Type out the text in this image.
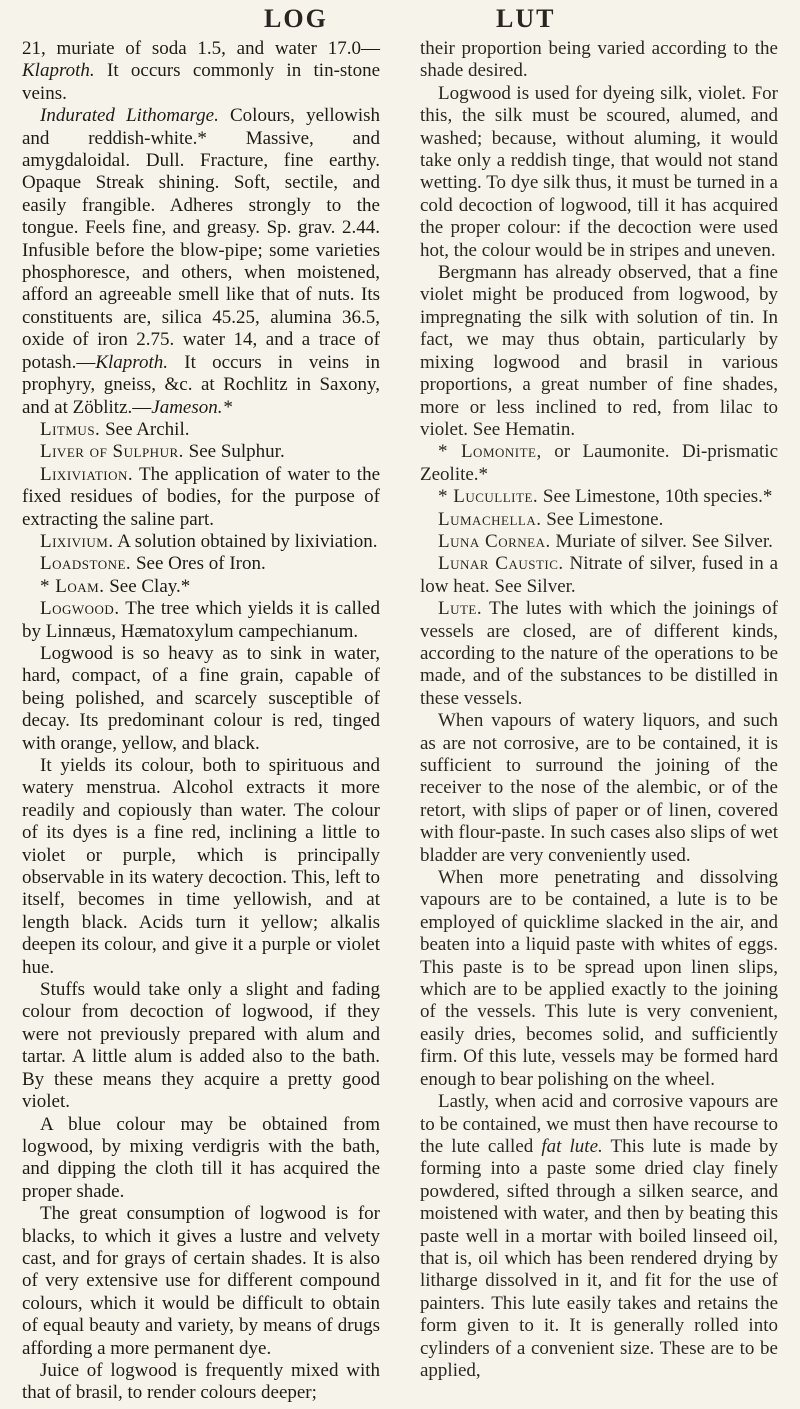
LOG	LUT

21, muriate of soda 1.5, and water 17.0—Klaproth. It occurs commonly in tin-stone veins.

Indurated Lithomarge. Colours, yellowish and reddish-white.* Massive, and amygdaloidal. Dull. Fracture, fine earthy. Opaque Streak shining. Soft, sectile, and easily frangible. Adheres strongly to the tongue. Feels fine, and greasy. Sp. grav. 2.44. Infusible before the blow-pipe; some varieties phosphoresce, and others, when moistened, afford an agreeable smell like that of nuts. Its constituents are, silica 45.25, alumina 36.5, oxide of iron 2.75. water 14, and a trace of potash.—Klaproth. It occurs in veins in prophyry, gneiss, &c. at Rochlitz in Saxony, and at Zöblitz.—Jameson.*

Litmus. See Archil.

Liver of Sulphur. See Sulphur.

Lixiviation. The application of water to the fixed residues of bodies, for the purpose of extracting the saline part.

Lixivium. A solution obtained by lixiviation.

Loadstone. See Ores of Iron.

* Loam. See Clay.*

Logwood. The tree which yields it is called by Linnæus, Hæmatoxylum campechianum.

Logwood is so heavy as to sink in water, hard, compact, of a fine grain, capable of being polished, and scarcely susceptible of decay. Its predominant colour is red, tinged with orange, yellow, and black.

It yields its colour, both to spirituous and watery menstrua. Alcohol extracts it more readily and copiously than water. The colour of its dyes is a fine red, inclining a little to violet or purple, which is principally observable in its watery decoction. This, left to itself, becomes in time yellowish, and at length black. Acids turn it yellow; alkalis deepen its colour, and give it a purple or violet hue.

Stuffs would take only a slight and fading colour from decoction of logwood, if they were not previously prepared with alum and tartar. A little alum is added also to the bath. By these means they acquire a pretty good violet.

A blue colour may be obtained from logwood, by mixing verdigris with the bath, and dipping the cloth till it has acquired the proper shade.

The great consumption of logwood is for blacks, to which it gives a lustre and velvety cast, and for grays of certain shades. It is also of very extensive use for different compound colours, which it would be difficult to obtain of equal beauty and variety, by means of drugs affording a more permanent dye.

Juice of logwood is frequently mixed with that of brasil, to render colours deeper;

their proportion being varied according to the shade desired.

Logwood is used for dyeing silk, violet. For this, the silk must be scoured, alumed, and washed; because, without aluming, it would take only a reddish tinge, that would not stand wetting. To dye silk thus, it must be turned in a cold decoction of logwood, till it has acquired the proper colour: if the decoction were used hot, the colour would be in stripes and uneven.

Bergmann has already observed, that a fine violet might be produced from logwood, by impregnating the silk with solution of tin. In fact, we may thus obtain, particularly by mixing logwood and brasil in various proportions, a great number of fine shades, more or less inclined to red, from lilac to violet. See Hematin.

* Lomonite, or Laumonite. Di-prismatic Zeolite.*

* Lucullite. See Limestone, 10th species.*

Lumachella. See Limestone.

Luna Cornea. Muriate of silver. See Silver.

Lunar Caustic. Nitrate of silver, fused in a low heat. See Silver.

Lute. The lutes with which the joinings of vessels are closed, are of different kinds, according to the nature of the operations to be made, and of the substances to be distilled in these vessels.

When vapours of watery liquors, and such as are not corrosive, are to be contained, it is sufficient to surround the joining of the receiver to the nose of the alembic, or of the retort, with slips of paper or of linen, covered with flour-paste. In such cases also slips of wet bladder are very conveniently used.

When more penetrating and dissolving vapours are to be contained, a lute is to be employed of quicklime slacked in the air, and beaten into a liquid paste with whites of eggs. This paste is to be spread upon linen slips, which are to be applied exactly to the joining of the vessels. This lute is very convenient, easily dries, becomes solid, and sufficiently firm. Of this lute, vessels may be formed hard enough to bear polishing on the wheel.

Lastly, when acid and corrosive vapours are to be contained, we must then have recourse to the lute called fat lute. This lute is made by forming into a paste some dried clay finely powdered, sifted through a silken searce, and moistened with water, and then by beating this paste well in a mortar with boiled linseed oil, that is, oil which has been rendered drying by litharge dissolved in it, and fit for the use of painters. This lute easily takes and retains the form given to it. It is generally rolled into cylinders of a convenient size. These are to be applied,
